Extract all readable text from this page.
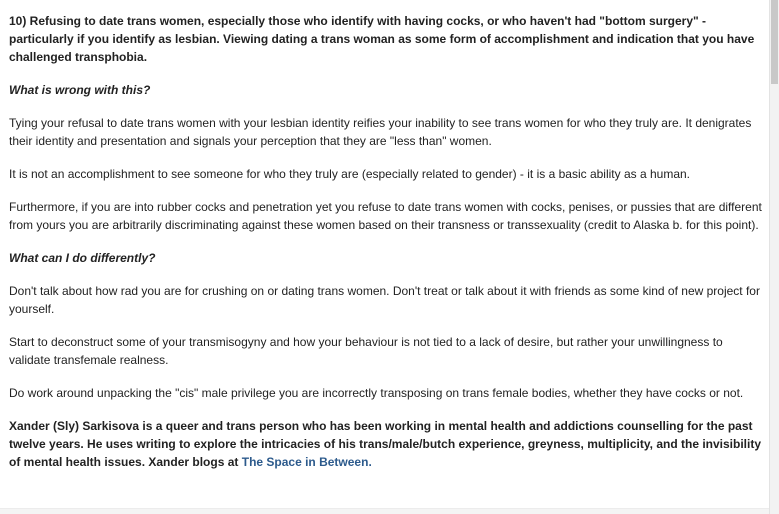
10) Refusing to date trans women, especially those who identify with having cocks, or who haven't had "bottom surgery" - particularly if you identify as lesbian. Viewing dating a trans woman as some form of accomplishment and indication that you have challenged transphobia.

What is wrong with this?

Tying your refusal to date trans women with your lesbian identity reifies your inability to see trans women for who they truly are. It denigrates their identity and presentation and signals your perception that they are "less than" women.

It is not an accomplishment to see someone for who they truly are (especially related to gender) - it is a basic ability as a human.

Furthermore, if you are into rubber cocks and penetration yet you refuse to date trans women with cocks, penises, or pussies that are different from yours you are arbitrarily discriminating against these women based on their transness or transsexuality (credit to Alaska b. for this point).

What can I do differently?

Don't talk about how rad you are for crushing on or dating trans women. Don't treat or talk about it with friends as some kind of new project for yourself.

Start to deconstruct some of your transmisogyny and how your behaviour is not tied to a lack of desire, but rather your unwillingness to validate transfemale realness.

Do work around unpacking the "cis" male privilege you are incorrectly transposing on trans female bodies, whether they have cocks or not.

Xander (Sly) Sarkisova is a queer and trans person who has been working in mental health and addictions counselling for the past twelve years. He uses writing to explore the intricacies of his trans/male/butch experience, greyness, multiplicity, and the invisibility of mental health issues. Xander blogs at The Space in Between.
